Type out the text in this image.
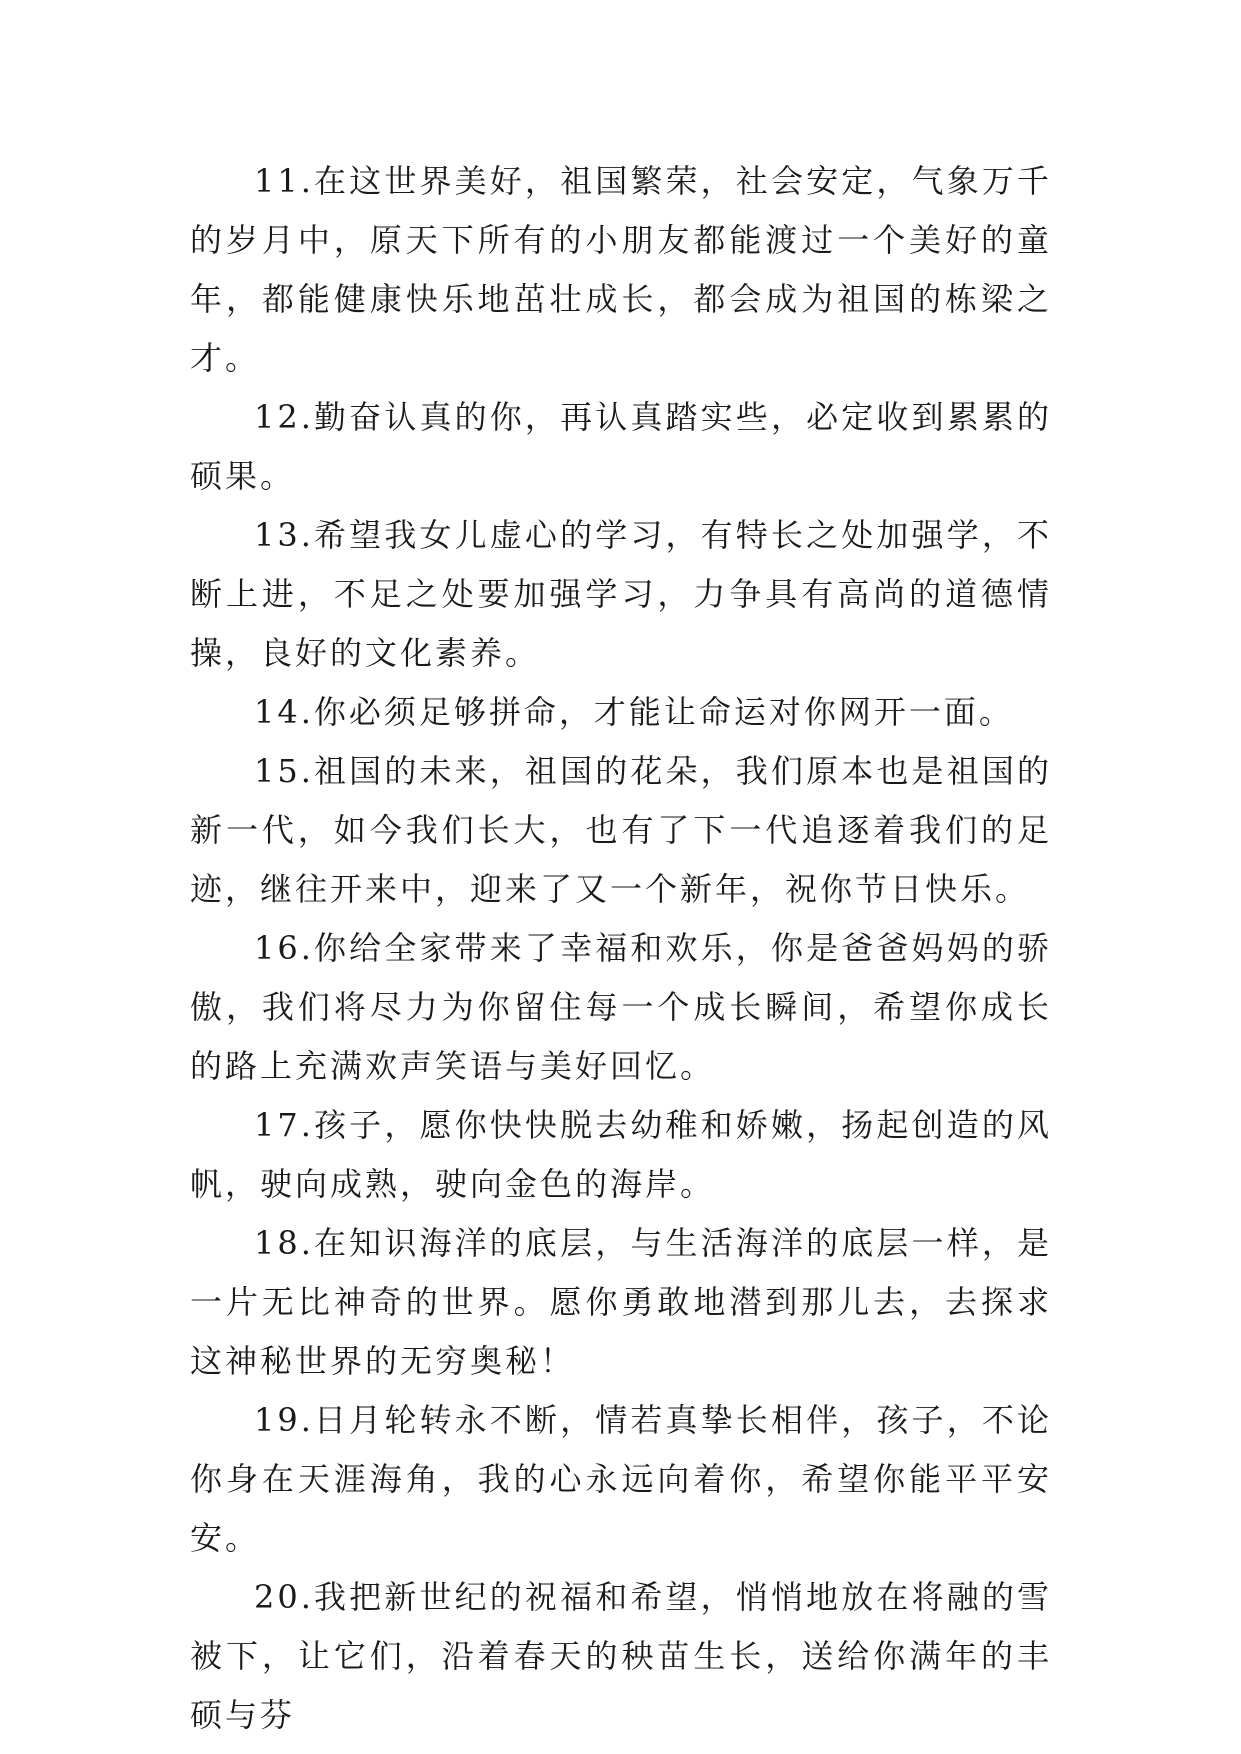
11.在这世界美好，祖国繁荣，社会安定，气象万千的岁月中，原天下所有的小朋友都能渡过一个美好的童年，都能健康快乐地茁壮成长，都会成为祖国的栋梁之才。

12.勤奋认真的你，再认真踏实些，必定收到累累的硕果。

13.希望我女儿虚心的学习，有特长之处加强学，不断上进，不足之处要加强学习，力争具有高尚的道德情操，良好的文化素养。

14.你必须足够拼命，才能让命运对你网开一面。

15.祖国的未来，祖国的花朵，我们原本也是祖国的新一代，如今我们长大，也有了下一代追逐着我们的足迹，继往开来中，迎来了又一个新年，祝你节日快乐。

16.你给全家带来了幸福和欢乐，你是爸爸妈妈的骄傲，我们将尽力为你留住每一个成长瞬间，希望你成长的路上充满欢声笑语与美好回忆。

17.孩子，愿你快快脱去幼稚和娇嫩，扬起创造的风帆，驶向成熟，驶向金色的海岸。

18.在知识海洋的底层，与生活海洋的底层一样，是一片无比神奇的世界。愿你勇敢地潜到那儿去，去探求这神秘世界的无穷奥秘！

19.日月轮转永不断，情若真挚长相伴，孩子，不论你身在天涯海角，我的心永远向着你，希望你能平平安安。

20.我把新世纪的祝福和希望，悄悄地放在将融的雪被下，让它们，沿着春天的秧苗生长，送给你满年的丰硕与芬
